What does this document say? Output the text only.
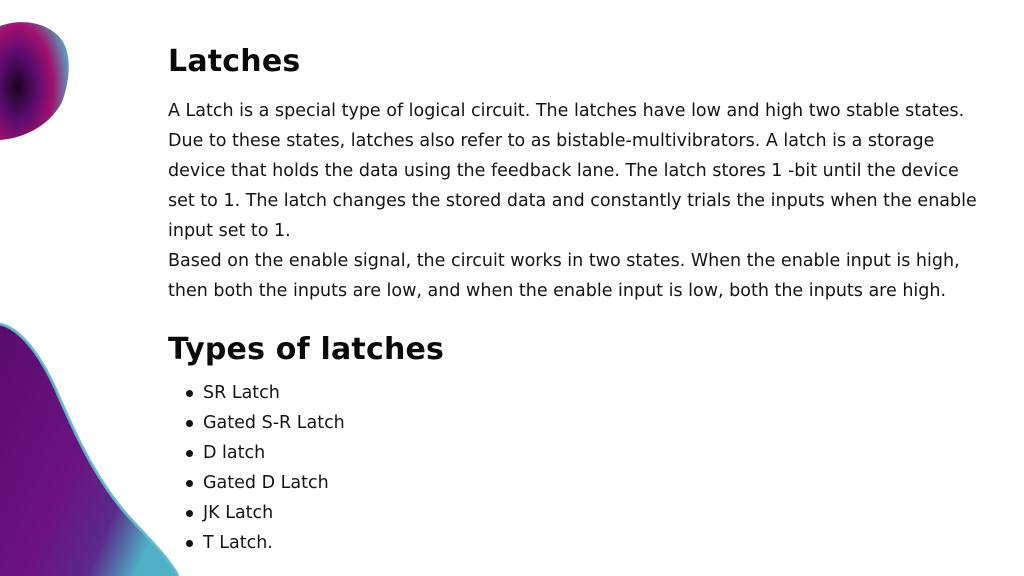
Latches

A Latch is a special type of logical circuit. The latches have low and high two stable states. Due to these states, latches also refer to as bistable-multivibrators. A latch is a storage device that holds the data using the feedback lane. The latch stores 1 -bit until the device set to 1. The latch changes the stored data and constantly trials the inputs when the enable input set to 1.
Based on the enable signal, the circuit works in two states. When the enable input is high, then both the inputs are low, and when the enable input is low, both the inputs are high.

Types of latches
SR Latch
Gated S-R Latch
D latch
Gated D Latch
JK Latch
T Latch.
